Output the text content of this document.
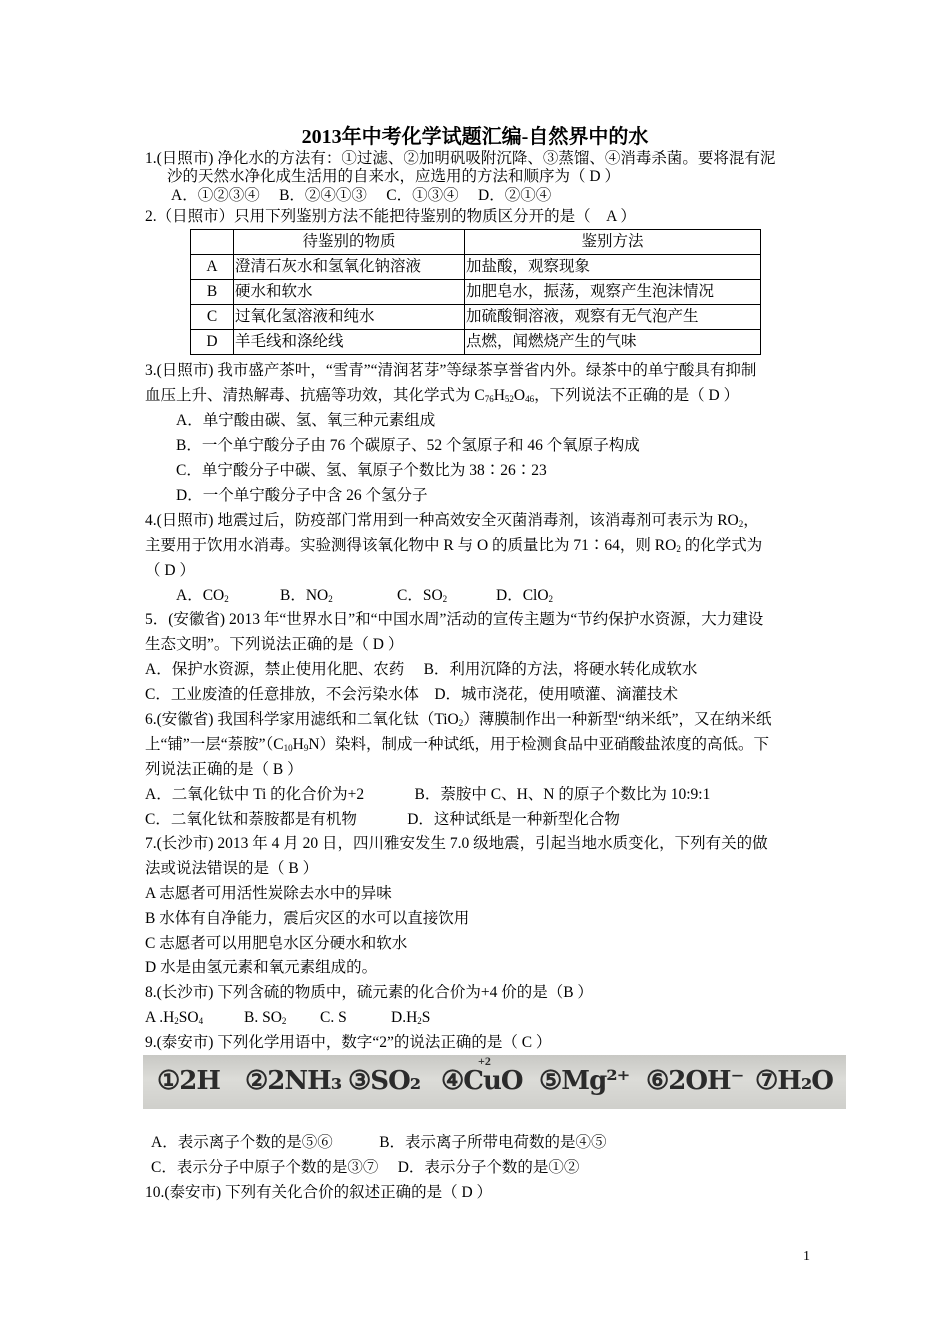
2013年中考化学试题汇编-自然界中的水
1.(日照市) 净化水的方法有：①过滤、②加明矾吸附沉降、③蒸馏、④消毒杀菌。要将混有泥
沙的天然水净化成生活用的自来水，应选用的方法和顺序为（ D ）
A．①②③④　 B．②④①③　 C．①③④　 D．②①④
2.（日照市）只用下列鉴别方法不能把待鉴别的物质区分开的是（　A ）
	待鉴别的物质	鉴别方法
A	澄清石灰水和氢氧化钠溶液	加盐酸，观察现象
B	硬水和软水	加肥皂水，振荡，观察产生泡沫情况
C	过氧化氢溶液和纯水	加硫酸铜溶液，观察有无气泡产生
D	羊毛线和涤纶线	点燃，闻燃烧产生的气味
3.(日照市) 我市盛产茶叶，“雪青”“清润茗芽”等绿茶享誉省内外。绿茶中的单宁酸具有抑制
血压上升、清热解毒、抗癌等功效，其化学式为 $C_{76}H_{52}O_{46}$，下列说法不正确的是（ D ）
A．单宁酸由碳、氢、氧三种元素组成
B．一个单宁酸分子由 76 个碳原子、52 个氢原子和 46 个氧原子构成
C．单宁酸分子中碳、氢、氧原子个数比为 38∶26∶23
D．一个单宁酸分子中含 26 个氢分子
4.(日照市) 地震过后，防疫部门常用到一种高效安全灭菌消毒剂，该消毒剂可表示为 $RO_2$，
主要用于饮用水消毒。实验测得该氧化物中 R 与 O 的质量比为 71∶64，则 $RO_2$ 的化学式为
（ D ）
A．$CO_2$	B．$NO_2$	C．$SO_2$	D．ClO$_2$
5．(安徽省) 2013 年“世界水日”和“中国水周”活动的宣传主题为“节约保护水资源，大力建设
生态文明”。下列说法正确的是（ D ）
A．保护水资源，禁止使用化肥、农药　 B．利用沉降的方法，将硬水转化成软水
C．工业废渣的任意排放，不会污染水体　D．城市浇花，使用喷灌、滴灌技术
6.(安徽省) 我国科学家用滤纸和二氧化钛（TiO$_2$）薄膜制作出一种新型“纳米纸”，又在纳米纸
上“铺”一层“萘胺$”(C_{10}H_9N)$染料，制成一种试纸，用于检测食品中亚硝酸盐浓度的高低。下
列说法正确的是（ B ）
A．二氧化钛中 Ti 的化合价为+2　　 　B．萘胺中 C、H、N 的原子个数比为 10:9:1
C．二氧化钛和萘胺都是有机物　　　 D．这种试纸是一种新型化合物
7.(长沙市) 2013 年 4 月 20 日，四川雅安发生 7.0 级地震，引起当地水质变化，下列有关的做
法或说法错误的是（ B ）
A 志愿者可用活性炭除去水中的异味
B 水体有自净能力，震后灾区的水可以直接饮用
C 志愿者可以用肥皂水区分硬水和软水
D 水是由氢元素和氧元素组成的。
8.(长沙市) 下列含硫的物质中，硫元素的化合价为+4 价的是（B ）
A $.H_2SO_4$	B. $SO_2$ C. S	$D.H_2S$
9.(泰安市) 下列化学用语中，数字“2”的说法正确的是（ C ）
①2H ②2NH₃ ③SO₂
+2
④CuO ⑤Mg²⁺ ⑥2OH⁻ ⑦H₂O
A．表示离子个数的是⑤⑥　　　B．表示离子所带电荷数的是④⑤
C．表示分子中原子个数的是③⑦　 D．表示分子个数的是①②
10.(泰安市) 下列有关化合价的叙述正确的是（ D ）
1
